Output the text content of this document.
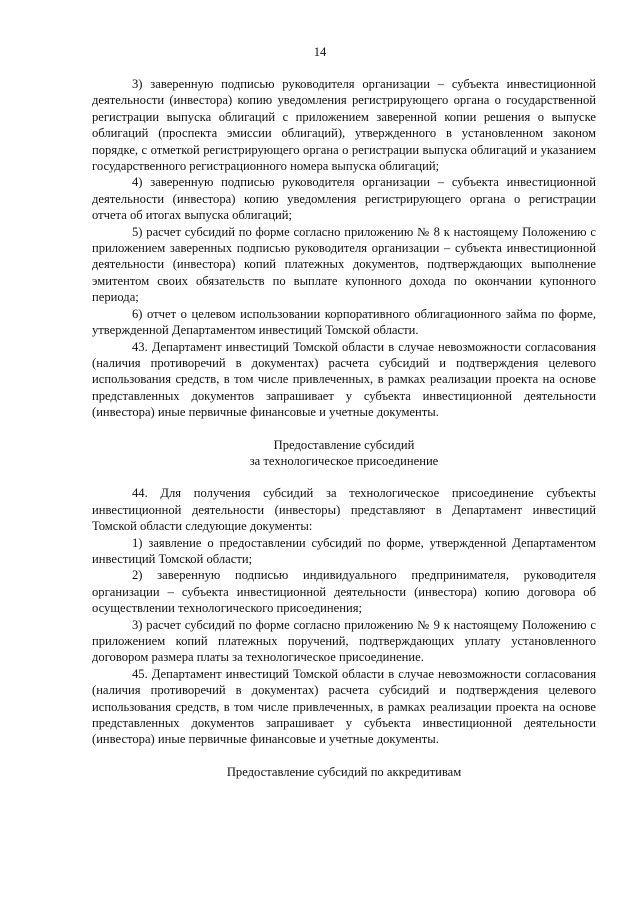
14

3) заверенную подписью руководителя организации – субъекта инвестиционной деятельности (инвестора) копию уведомления регистрирующего органа о государственной регистрации выпуска облигаций с приложением заверенной копии решения о выпуске облигаций (проспекта эмиссии облигаций), утвержденного в установленном законом порядке, с отметкой регистрирующего органа о регистрации выпуска облигаций и указанием государственного регистрационного номера выпуска облигаций;

4) заверенную подписью руководителя организации – субъекта инвестиционной деятельности (инвестора) копию уведомления регистрирующего органа о регистрации отчета об итогах выпуска облигаций;

5) расчет субсидий по форме согласно приложению № 8 к настоящему Положению с приложением заверенных подписью руководителя организации – субъекта инвестиционной деятельности (инвестора) копий платежных документов, подтверждающих выполнение эмитентом своих обязательств по выплате купонного дохода по окончании купонного периода;

6) отчет о целевом использовании корпоративного облигационного займа по форме, утвержденной Департаментом инвестиций Томской области.

43. Департамент инвестиций Томской области в случае невозможности согласования (наличия противоречий в документах) расчета субсидий и подтверждения целевого использования средств, в том числе привлеченных, в рамках реализации проекта на основе представленных документов запрашивает у субъекта инвестиционной деятельности (инвестора) иные первичные финансовые и учетные документы.

Предоставление субсидий
за технологическое присоединение

44. Для получения субсидий за технологическое присоединение субъекты инвестиционной деятельности (инвесторы) представляют в Департамент инвестиций Томской области следующие документы:

1) заявление о предоставлении субсидий по форме, утвержденной Департаментом инвестиций Томской области;

2) заверенную подписью индивидуального предпринимателя, руководителя организации – субъекта инвестиционной деятельности (инвестора) копию договора об осуществлении технологического присоединения;

3) расчет субсидий по форме согласно приложению № 9 к настоящему Положению с приложением копий платежных поручений, подтверждающих уплату установленного договором размера платы за технологическое присоединение.

45. Департамент инвестиций Томской области в случае невозможности согласования (наличия противоречий в документах) расчета субсидий и подтверждения целевого использования средств, в том числе привлеченных, в рамках реализации проекта на основе представленных документов запрашивает у субъекта инвестиционной деятельности (инвестора) иные первичные финансовые и учетные документы.

Предоставление субсидий по аккредитивам
